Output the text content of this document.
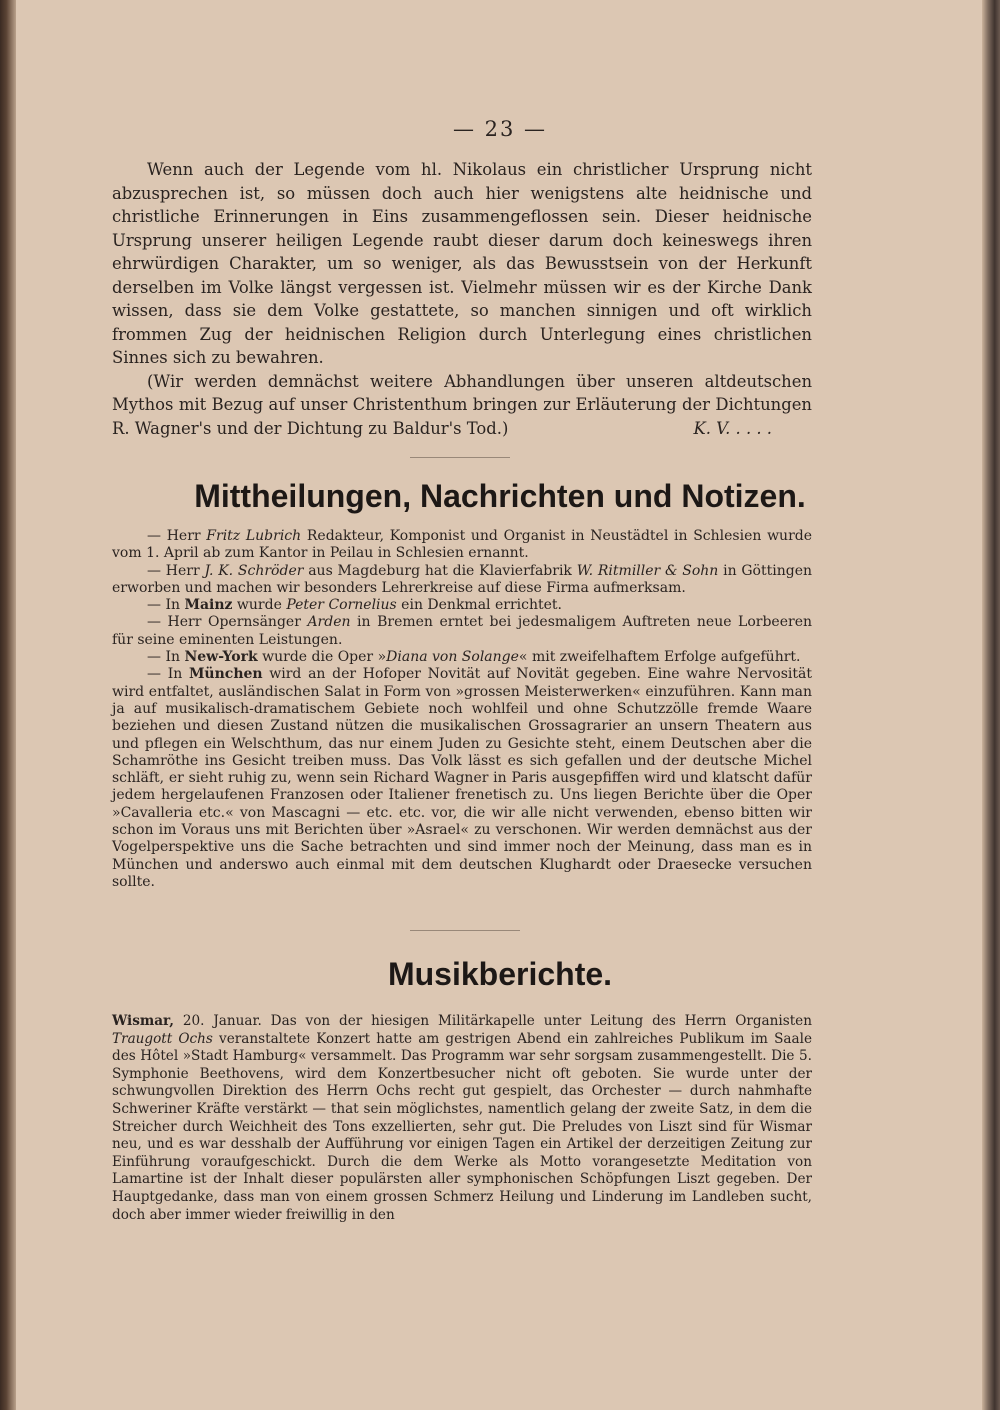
— 23 —

Wenn auch der Legende vom hl. Nikolaus ein christlicher Ursprung nicht abzusprechen ist, so müssen doch auch hier wenigstens alte heidnische und christliche Erinnerungen in Eins zusammengeflossen sein. Dieser heidnische Ursprung unserer heiligen Legende raubt dieser darum doch keineswegs ihren ehrwürdigen Charakter, um so weniger, als das Bewusstsein von der Herkunft derselben im Volke längst vergessen ist. Vielmehr müssen wir es der Kirche Dank wissen, dass sie dem Volke gestattete, so manchen sinnigen und oft wirklich frommen Zug der heidnischen Religion durch Unterlegung eines christlichen Sinnes sich zu bewahren.

(Wir werden demnächst weitere Abhandlungen über unseren altdeutschen Mythos mit Bezug auf unser Christenthum bringen zur Erläuterung der Dichtungen R. Wagner's und der Dichtung zu Baldur's Tod.)	K. V. . . . .

Mittheilungen, Nachrichten und Notizen.

— Herr Fritz Lubrich Redakteur, Komponist und Organist in Neustädtel in Schlesien wurde vom 1. April ab zum Kantor in Peilau in Schlesien ernannt.

— Herr J. K. Schröder aus Magdeburg hat die Klavierfabrik W. Ritmiller & Sohn in Göttingen erworben und machen wir besonders Lehrerkreise auf diese Firma aufmerksam.

— In Mainz wurde Peter Cornelius ein Denkmal errichtet.

— Herr Opernsänger Arden in Bremen erntet bei jedesmaligem Auftreten neue Lorbeeren für seine eminenten Leistungen.

— In New-York wurde die Oper »Diana von Solange« mit zweifelhaftem Erfolge aufgeführt.

— In München wird an der Hofoper Novität auf Novität gegeben. Eine wahre Nervosität wird entfaltet, ausländischen Salat in Form von »grossen Meisterwerken« einzuführen. Kann man ja auf musikalisch-dramatischem Gebiete noch wohlfeil und ohne Schutzzölle fremde Waare beziehen und diesen Zustand nützen die musikalischen Grossagrarier an unsern Theatern aus und pflegen ein Welschthum, das nur einem Juden zu Gesichte steht, einem Deutschen aber die Schamröthe ins Gesicht treiben muss. Das Volk lässt es sich gefallen und der deutsche Michel schläft, er sieht ruhig zu, wenn sein Richard Wagner in Paris ausgepfiffen wird und klatscht dafür jedem hergelaufenen Franzosen oder Italiener frenetisch zu. Uns liegen Berichte über die Oper »Cavalleria etc.« von Mascagni — etc. etc. vor, die wir alle nicht verwenden, ebenso bitten wir schon im Voraus uns mit Berichten über »Asrael« zu verschonen. Wir werden demnächst aus der Vogelperspektive uns die Sache betrachten und sind immer noch der Meinung, dass man es in München und anderswo auch einmal mit dem deutschen Klughardt oder Draesecke versuchen sollte.

Musikberichte.

Wismar, 20. Januar. Das von der hiesigen Militärkapelle unter Leitung des Herrn Organisten Traugott Ochs veranstaltete Konzert hatte am gestrigen Abend ein zahlreiches Publikum im Saale des Hôtel »Stadt Hamburg« versammelt. Das Programm war sehr sorgsam zusammengestellt. Die 5. Symphonie Beethovens, wird dem Konzertbesucher nicht oft geboten. Sie wurde unter der schwungvollen Direktion des Herrn Ochs recht gut gespielt, das Orchester — durch nahmhafte Schweriner Kräfte verstärkt — that sein möglichstes, namentlich gelang der zweite Satz, in dem die Streicher durch Weichheit des Tons exzellierten, sehr gut. Die Preludes von Liszt sind für Wismar neu, und es war desshalb der Aufführung vor einigen Tagen ein Artikel der derzeitigen Zeitung zur Einführung voraufgeschickt. Durch die dem Werke als Motto vorangesetzte Meditation von Lamartine ist der Inhalt dieser populärsten aller symphonischen Schöpfungen Liszt gegeben. Der Hauptgedanke, dass man von einem grossen Schmerz Heilung und Linderung im Landleben sucht, doch aber immer wieder freiwillig in den
